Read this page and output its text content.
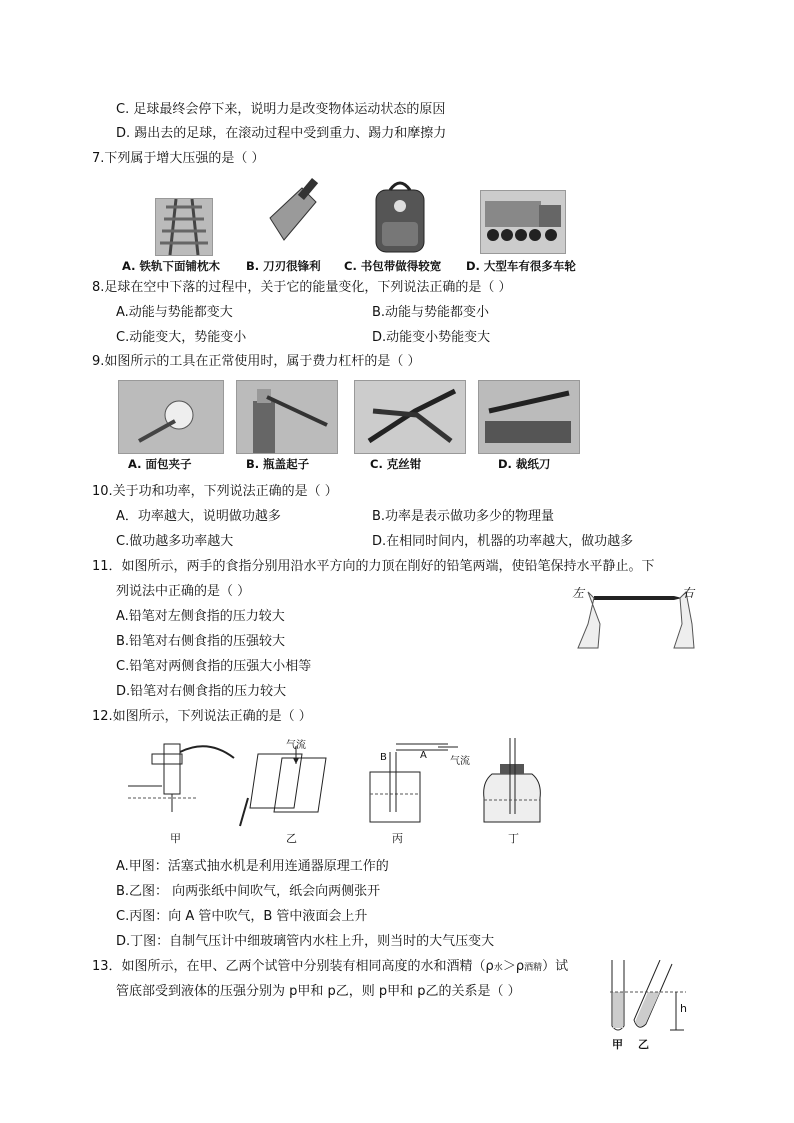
C. 足球最终会停下来，说明力是改变物体运动状态的原因
D. 踢出去的足球，在滚动过程中受到重力、踢力和摩擦力
7.下列属于增大压强的是（ ）
A. 铁轨下面铺枕木 B. 刀刃很锋利 C. 书包带做得较宽 D. 大型车有很多车轮
8.足球在空中下落的过程中，关于它的能量变化，下列说法正确的是（ ）
A.动能与势能都变大	B.动能与势能都变小
C.动能变大，势能变小	D.动能变小势能变大
9.如图所示的工具在正常使用时，属于费力杠杆的是（ ）
A. 面包夹子	B. 瓶盖起子	C. 克丝钳	D. 裁纸刀
10.关于功和功率，下列说法正确的是（ ）
A．功率越大，说明做功越多	B.功率是表示做功多少的物理量
C.做功越多功率越大	D.在相同时间内，机器的功率越大，做功越多
11．如图所示，两手的食指分别用沿水平方向的力顶在削好的铅笔两端，使铅笔保持水平静止。下
列说法中正确的是（ ）
A.铅笔对左侧食指的压力较大
B.铅笔对右侧食指的压强较大
C.铅笔对两侧食指的压强大小相等
D.铅笔对右侧食指的压力较大
左	右
12.如图所示，下列说法正确的是（ ）
气流
B	A
气流
甲	乙	丙	丁
A.甲图：活塞式抽水机是利用连通器原理工作的
B.乙图： 向两张纸中间吹气，纸会向两侧张开
C.丙图：向 A 管中吹气，B 管中液面会上升
D.丁图：自制气压计中细玻璃管内水柱上升，则当时的大气压变大
13．如图所示，在甲、乙两个试管中分别装有相同高度的水和酒精（ρ水＞ρ酒精）试
管底部受到液体的压强分别为 p甲和 p乙，则 p甲和 p乙的关系是（ ）
h
甲 乙
